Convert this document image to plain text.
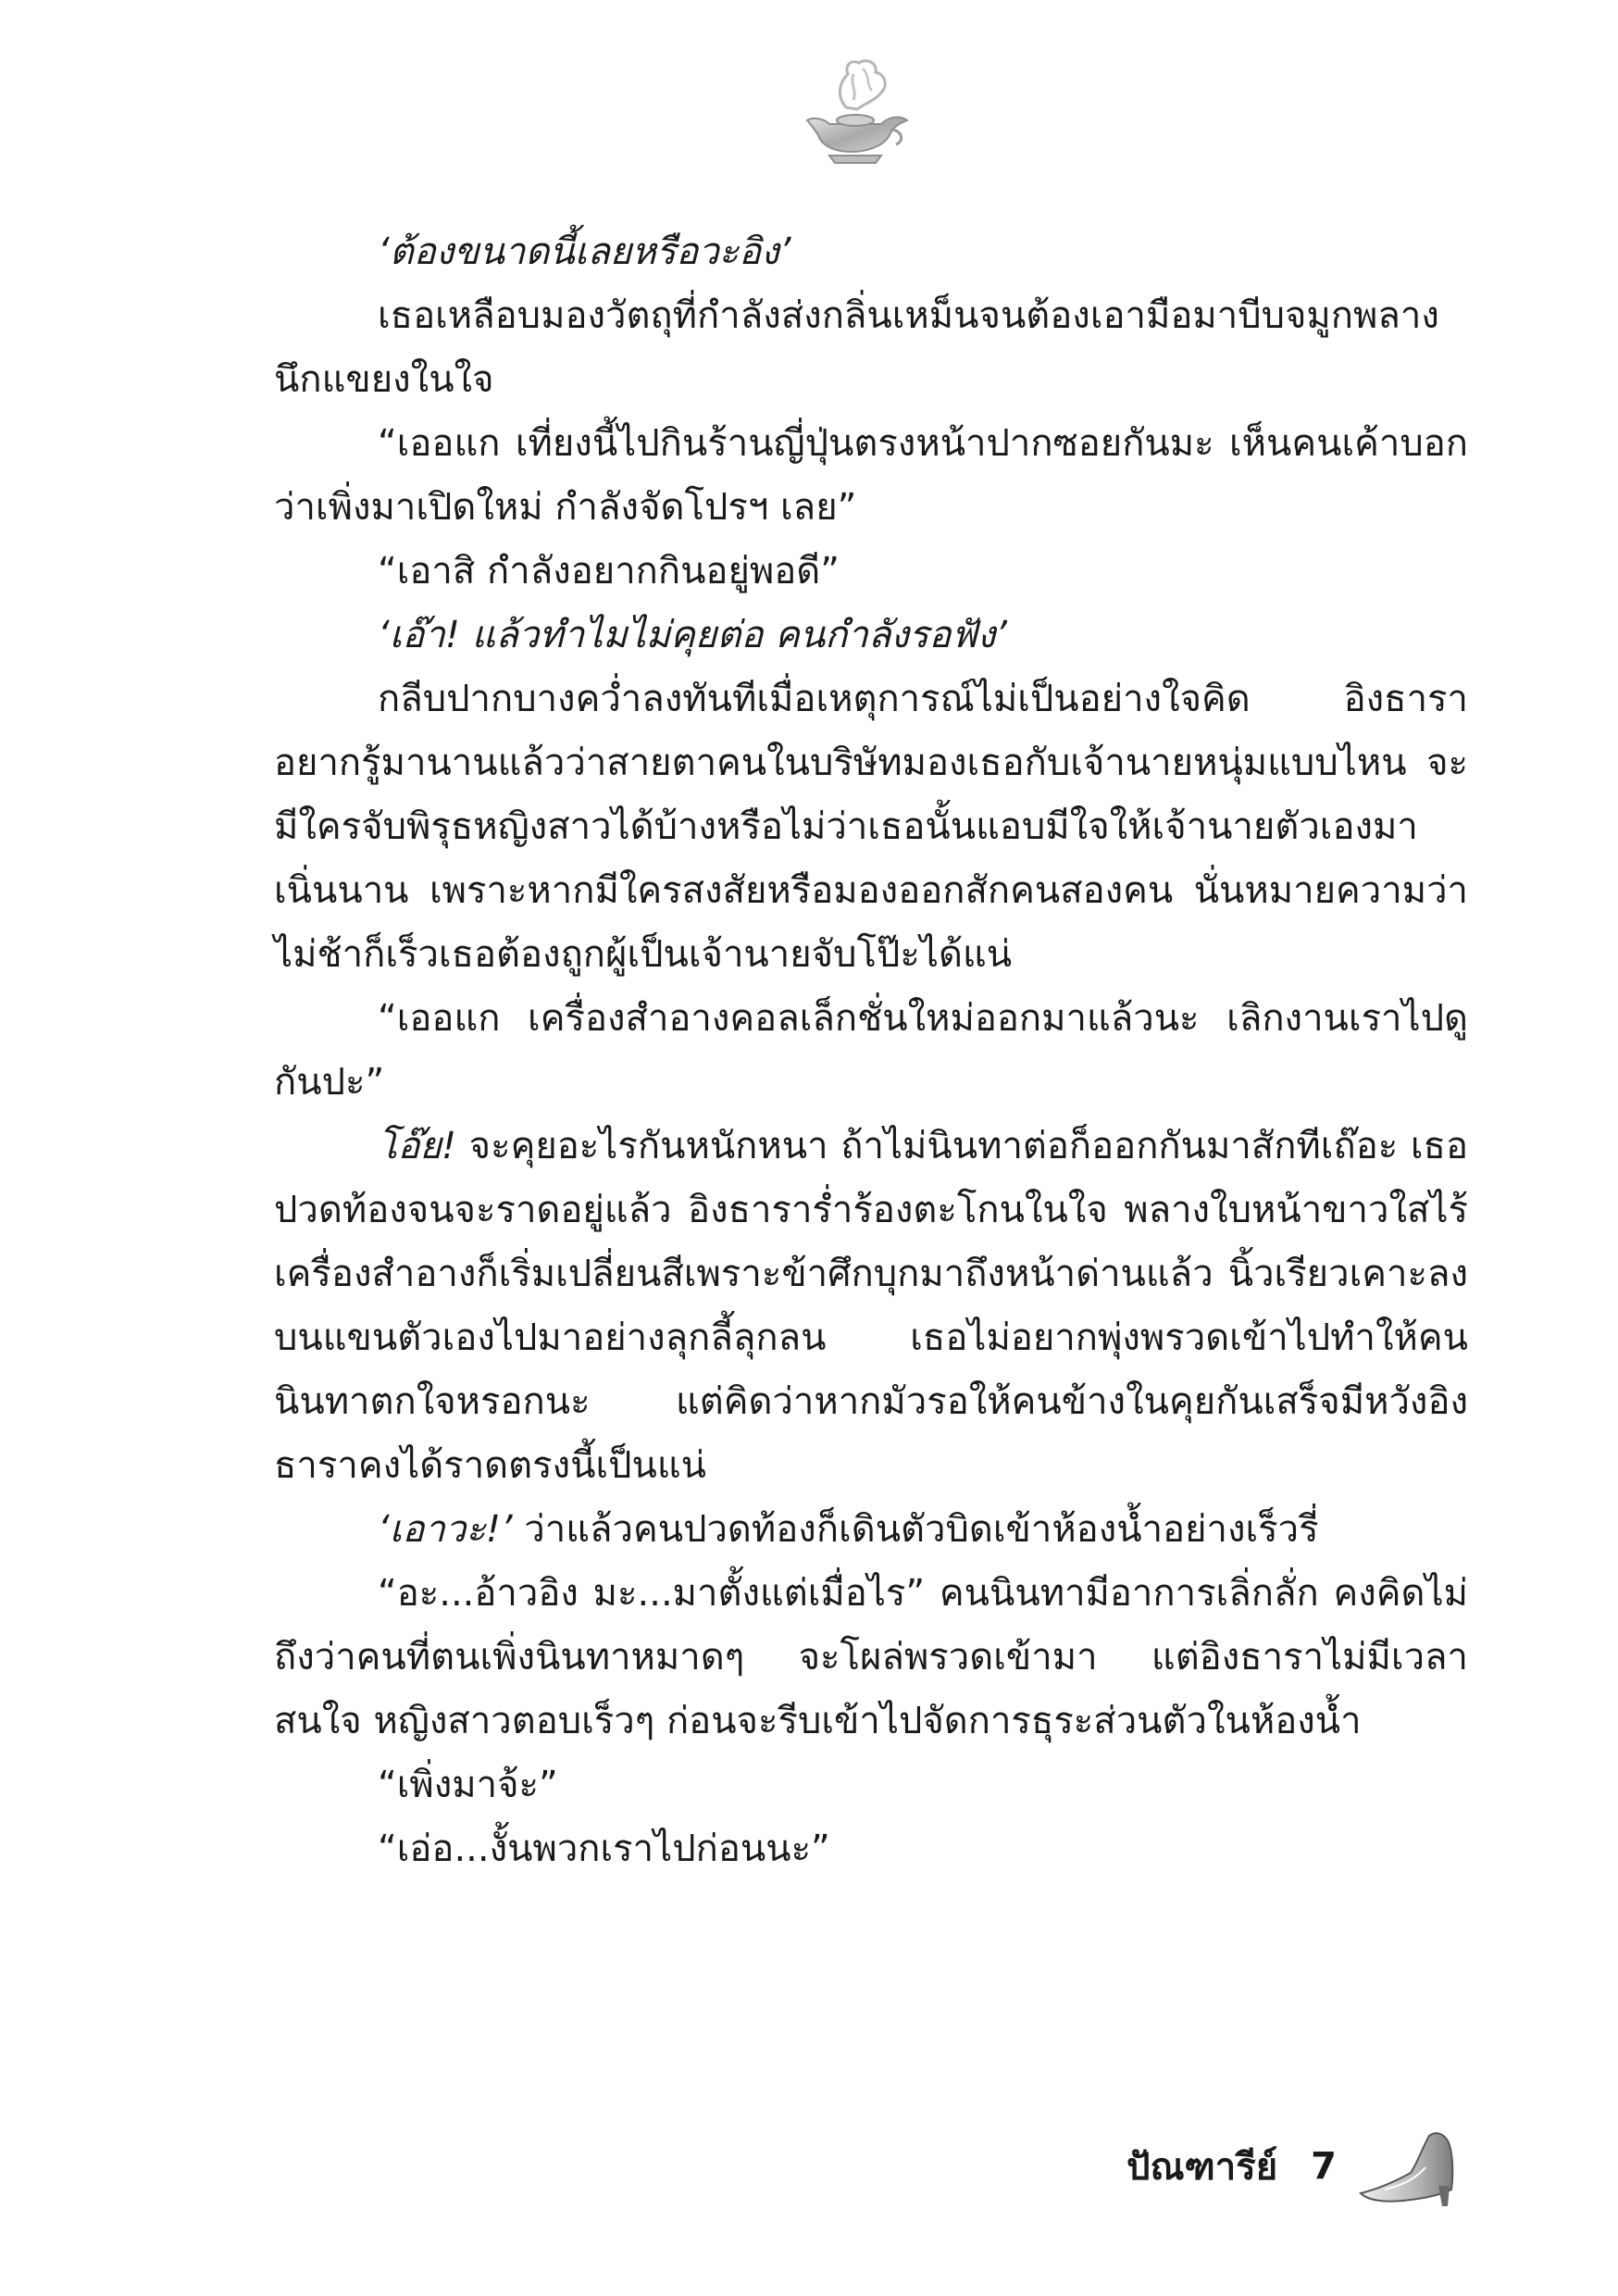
‘ต้องขนาดนี้เลยหรือวะอิง’

เธอเหลือบมองวัตถุที่กำลังส่งกลิ่นเหม็นจนต้องเอามือมาบีบจมูกพลางนึกแขยงในใจ

“เออแก เที่ยงนี้ไปกินร้านญี่ปุ่นตรงหน้าปากซอยกันมะ เห็นคนเค้าบอกว่าเพิ่งมาเปิดใหม่ กำลังจัดโปรฯ เลย”

“เอาสิ กำลังอยากกินอยู่พอดี”

‘เอ๊า! แล้วทำไมไม่คุยต่อ คนกำลังรอฟัง’

กลีบปากบางคว่ำลงทันทีเมื่อเหตุการณ์ไม่เป็นอย่างใจคิด อิงธาราอยากรู้มานานแล้วว่าสายตาคนในบริษัทมองเธอกับเจ้านายหนุ่มแบบไหน จะมีใครจับพิรุธหญิงสาวได้บ้างหรือไม่ว่าเธอนั้นแอบมีใจให้เจ้านายตัวเองมาเนิ่นนาน เพราะหากมีใครสงสัยหรือมองออกสักคนสองคน นั่นหมายความว่าไม่ช้าก็เร็วเธอต้องถูกผู้เป็นเจ้านายจับโป๊ะได้แน่

“เออแก เครื่องสำอางคอลเล็กชั่นใหม่ออกมาแล้วนะ เลิกงานเราไปดูกันปะ”

โอ๊ย! จะคุยอะไรกันหนักหนา ถ้าไม่นินทาต่อก็ออกกันมาสักทีเถ๊อะ เธอปวดท้องจนจะราดอยู่แล้ว อิงธาราร่ำร้องตะโกนในใจ พลางใบหน้าขาวใสไร้เครื่องสำอางก็เริ่มเปลี่ยนสีเพราะข้าศึกบุกมาถึงหน้าด่านแล้ว นิ้วเรียวเคาะลงบนแขนตัวเองไปมาอย่างลุกลี้ลุกลน เธอไม่อยากพุ่งพรวดเข้าไปทำให้คนนินทาตกใจหรอกนะ แต่คิดว่าหากมัวรอให้คนข้างในคุยกันเสร็จมีหวังอิงธาราคงได้ราดตรงนี้เป็นแน่

‘เอาวะ!’ ว่าแล้วคนปวดท้องก็เดินตัวบิดเข้าห้องน้ำอย่างเร็วรี่

“อะ...อ้าวอิง มะ...มาตั้งแต่เมื่อไร” คนนินทามีอาการเลิ่กลั่ก คงคิดไม่ถึงว่าคนที่ตนเพิ่งนินทาหมาดๆ จะโผล่พรวดเข้ามา แต่อิงธาราไม่มีเวลาสนใจ หญิงสาวตอบเร็วๆ ก่อนจะรีบเข้าไปจัดการธุระส่วนตัวในห้องน้ำ

“เพิ่งมาจ้ะ”

“เอ่อ...งั้นพวกเราไปก่อนนะ”

ปัณฑารีย์ 7
